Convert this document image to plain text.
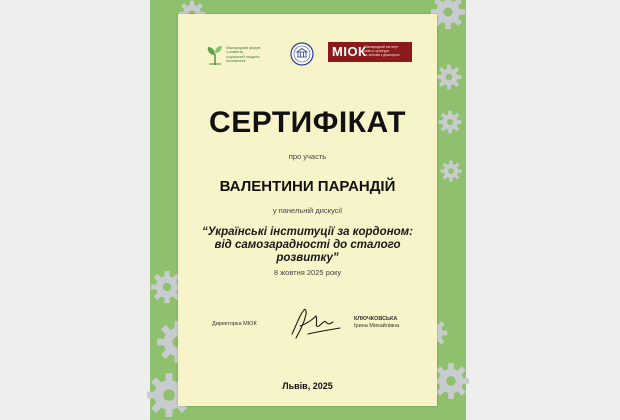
Міжнародний форум
з розвитку
соціальний тиждень
#socialweek
МІОК
Міжнародний інститут
освіти, культури
та зв'язків з діаспорою
СЕРТИФІКАТ
про участь
ВАЛЕНТИНИ ПАРАНДІЙ
у панельній дискусії
“Українські інституції за кордоном:
від самозарадності до сталого
розвитку”
8 жовтня 2025 року
Директорка МІОК
КЛЮЧКОВСЬКА
Ірина Михайлівна
Львів, 2025
